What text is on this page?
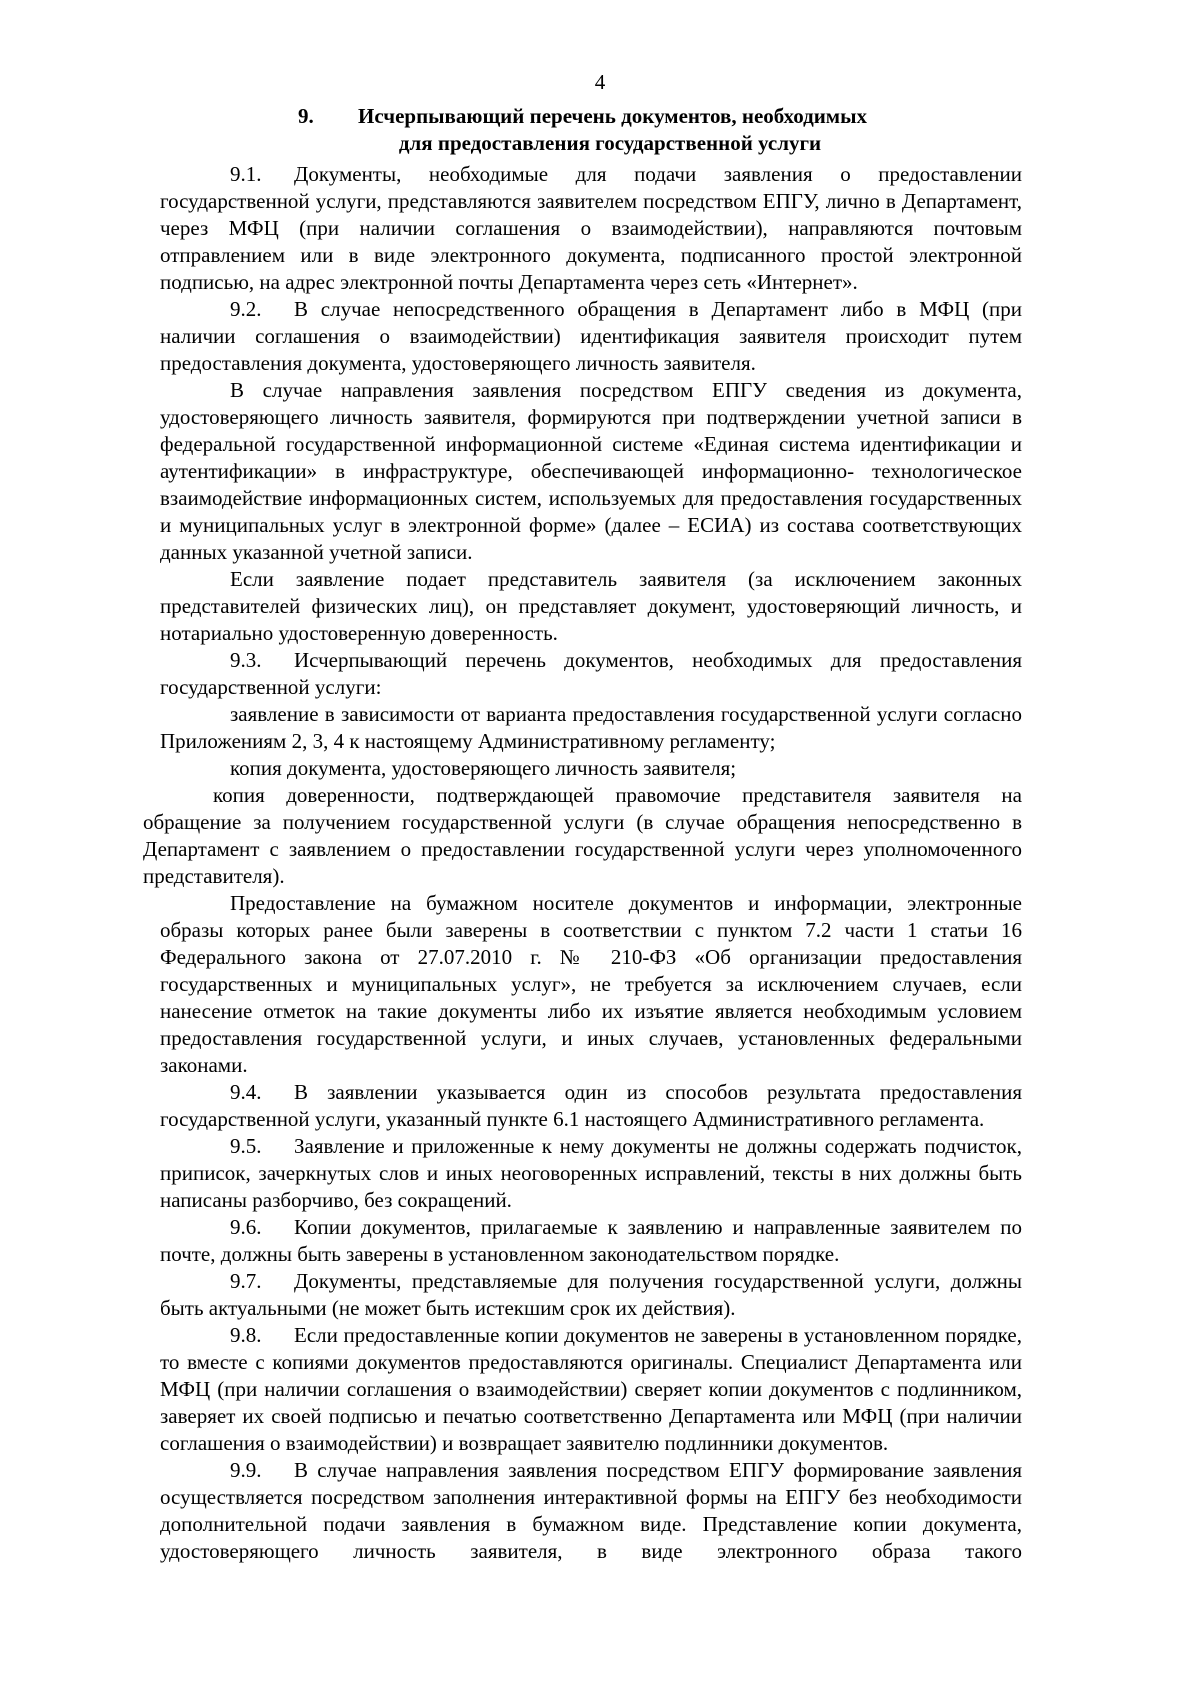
4
9. Исчерпывающий перечень документов, необходимых
для предоставления государственной услуги

9.1. Документы, необходимые для подачи заявления о предоставлении государственной услуги, представляются заявителем посредством ЕПГУ, лично в Департамент, через МФЦ (при наличии соглашения о взаимодействии), направляются почтовым отправлением или в виде электронного документа, подписанного простой электронной подписью, на адрес электронной почты Департамента через сеть «Интернет».

9.2. В случае непосредственного обращения в Департамент либо в МФЦ (при наличии соглашения о взаимодействии) идентификация заявителя происходит путем предоставления документа, удостоверяющего личность заявителя.

В случае направления заявления посредством ЕПГУ сведения из документа, удостоверяющего личность заявителя, формируются при подтверждении учетной записи в федеральной государственной информационной системе «Единая система идентификации и аутентификации» в инфраструктуре, обеспечивающей информационно- технологическое взаимодействие информационных систем, используемых для предоставления государственных и муниципальных услуг в электронной форме» (далее – ЕСИА) из состава соответствующих данных указанной учетной записи.

Если заявление подает представитель заявителя (за исключением законных представителей физических лиц), он представляет документ, удостоверяющий личность, и нотариально удостоверенную доверенность.

9.3. Исчерпывающий перечень документов, необходимых для предоставления государственной услуги:

заявление в зависимости от варианта предоставления государственной услуги согласно Приложениям 2, 3, 4 к настоящему Административному регламенту;

копия документа, удостоверяющего личность заявителя;

копия доверенности, подтверждающей правомочие представителя заявителя на обращение за получением государственной услуги (в случае обращения непосредственно в Департамент с заявлением о предоставлении государственной услуги через уполномоченного представителя).

Предоставление на бумажном носителе документов и информации, электронные образы которых ранее были заверены в соответствии с пунктом 7.2 части 1 статьи 16 Федерального закона от 27.07.2010 г. № 210-ФЗ «Об организации предоставления государственных и муниципальных услуг», не требуется за исключением случаев, если нанесение отметок на такие документы либо их изъятие является необходимым условием предоставления государственной услуги, и иных случаев, установленных федеральными законами.

9.4. В заявлении указывается один из способов результата предоставления государственной услуги, указанный пункте 6.1 настоящего Административного регламента.

9.5. Заявление и приложенные к нему документы не должны содержать подчисток, приписок, зачеркнутых слов и иных неоговоренных исправлений, тексты в них должны быть написаны разборчиво, без сокращений.

9.6. Копии документов, прилагаемые к заявлению и направленные заявителем по почте, должны быть заверены в установленном законодательством порядке.

9.7. Документы, представляемые для получения государственной услуги, должны быть актуальными (не может быть истекшим срок их действия).

9.8. Если предоставленные копии документов не заверены в установленном порядке, то вместе с копиями документов предоставляются оригиналы. Специалист Департамента или МФЦ (при наличии соглашения о взаимодействии) сверяет копии документов с подлинником, заверяет их своей подписью и печатью соответственно Департамента или МФЦ (при наличии соглашения о взаимодействии) и возвращает заявителю подлинники документов.

9.9. В случае направления заявления посредством ЕПГУ формирование заявления осуществляется посредством заполнения интерактивной формы на ЕПГУ без необходимости дополнительной подачи заявления в бумажном виде. Представление копии документа, удостоверяющего личность заявителя, в виде электронного образа такого
